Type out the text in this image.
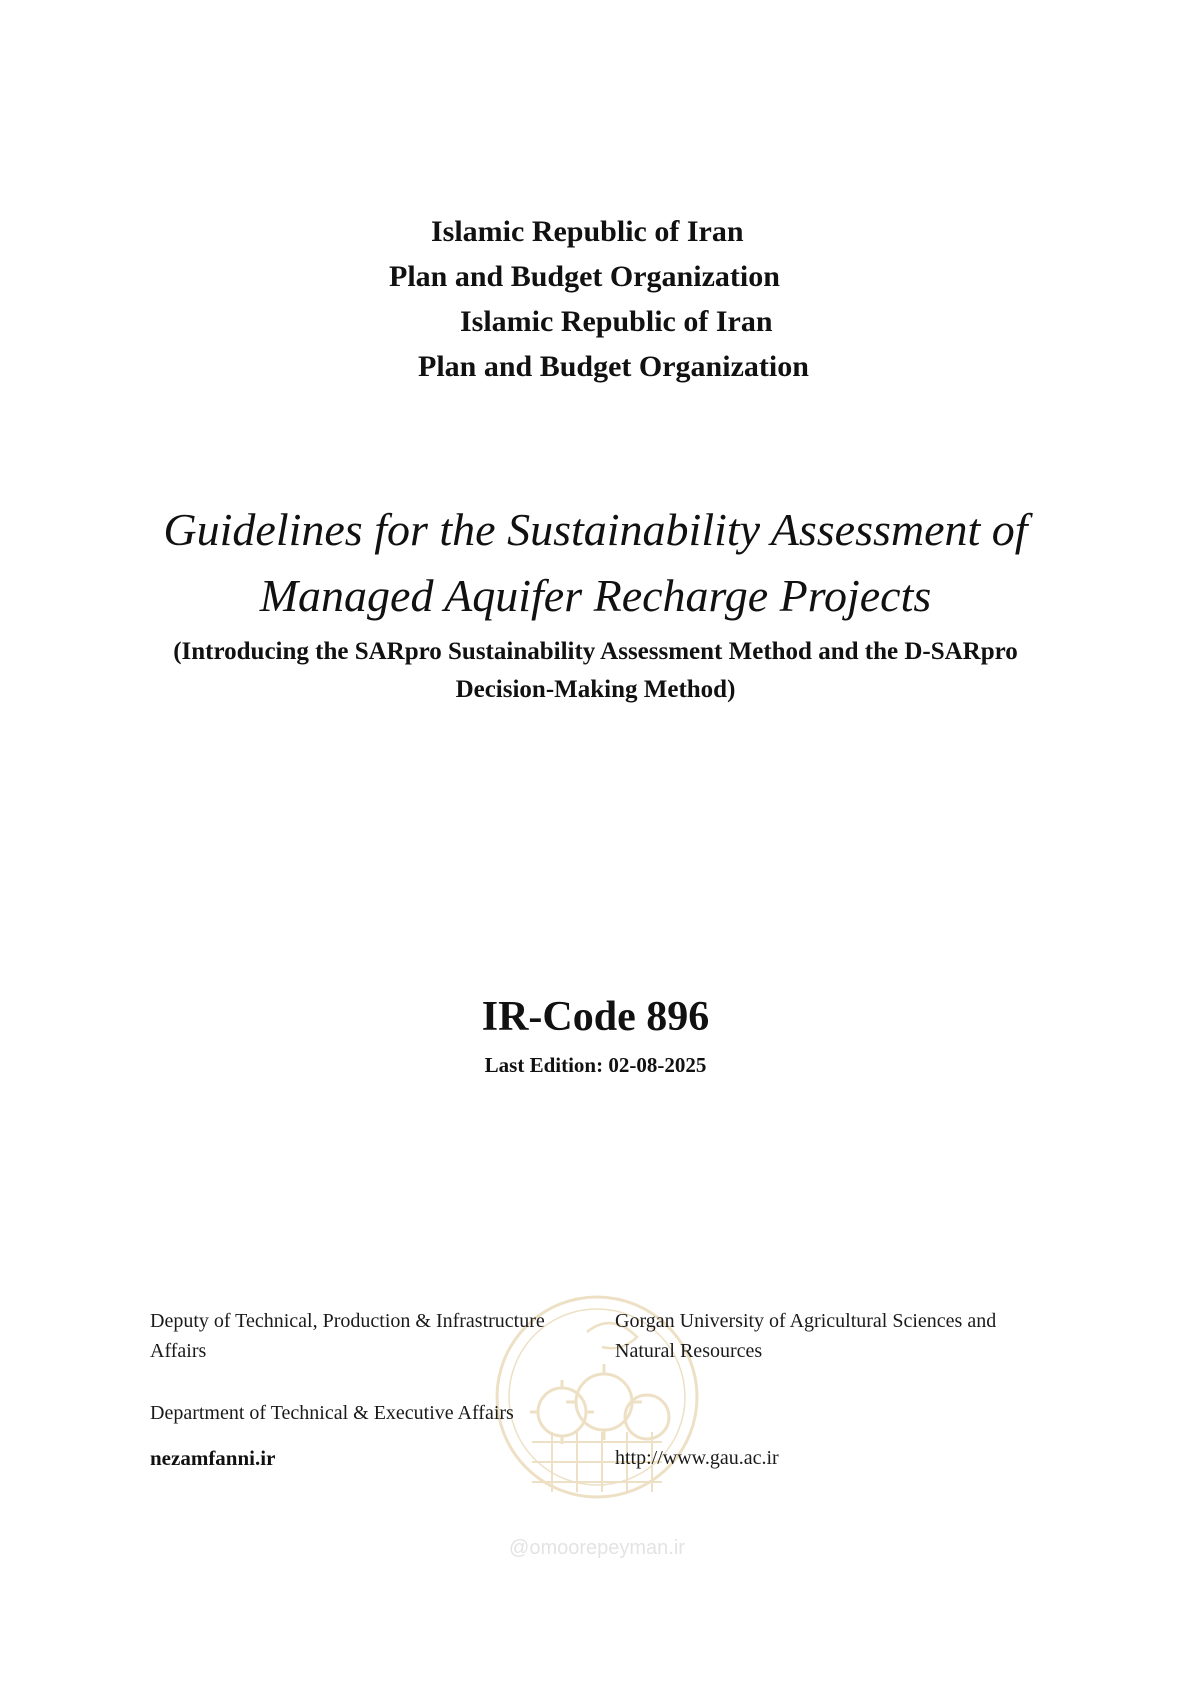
Islamic Republic of Iran
Plan and Budget Organization
Islamic Republic of Iran
Plan and Budget Organization
Guidelines for the Sustainability Assessment of
Managed Aquifer Recharge Projects
(Introducing the SARpro Sustainability Assessment Method and the D-SARpro
Decision-Making Method)
IR-Code 896
Last Edition: 02-08-2025
@omoorepeyman.ir
Deputy of Technical, Production & Infrastructure
Affairs
Department of Technical & Executive Affairs
nezamfanni.ir
Gorgan University of Agricultural Sciences and
Natural Resources
http://www.gau.ac.ir
